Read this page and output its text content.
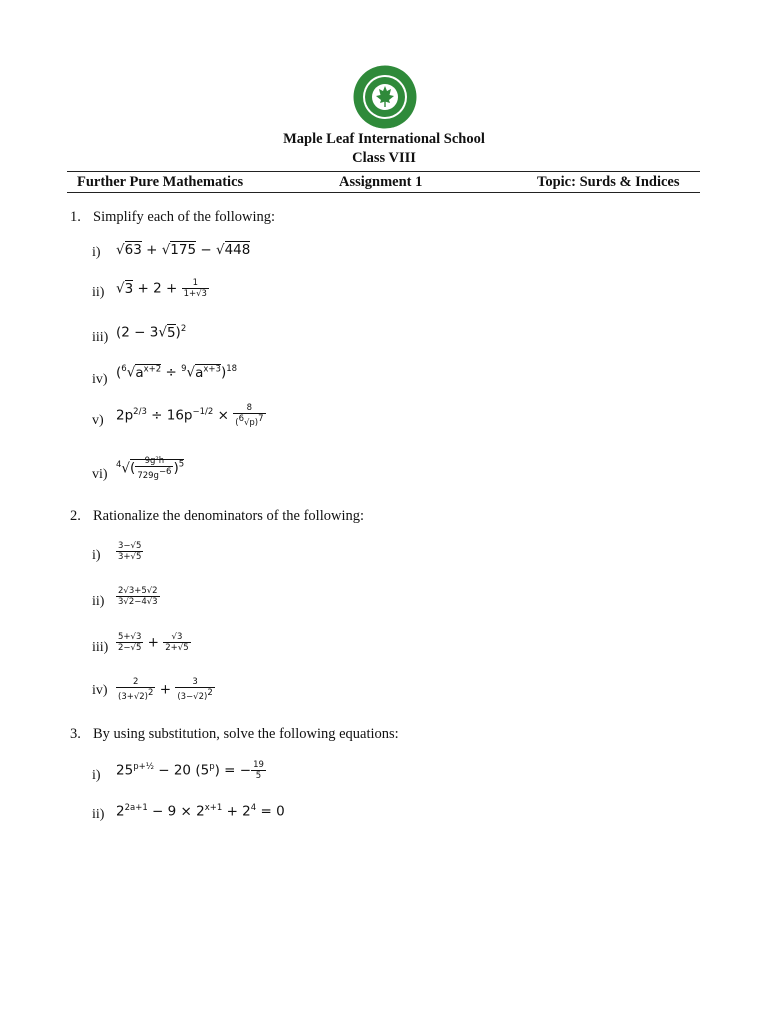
Maple Leaf International School
Class VIII
Further Pure Mathematics	Assignment 1	Topic: Surds & Indices
1. Simplify each of the following:
i) √63 + √175 − √448
ii) $√3 + 2 + \frac{1}{1+√3}$
iii) $(2 - 3√5)^2$
iv) $(^6√a^{x+2} \div ^9√a^{x+3})^{18}$
v) $2p^{2/3} \div 16p^{-1/2} \times \frac{8}{(^6√p)^7}$
vi)
$^4√( \frac{\text{9g²h}}{729g^{-6}} )^5$
2. Rationalize the denominators of the following:
$i) \frac{3-√5}{3+√5}$
$ii) \frac{2√3+5√2}{3√2-4√3}$
$iii) \frac{5+√3}{2-√5} + \frac{√3}{2+√5}$
$iv) \frac{2}{(3+√2)^2} + \frac{3}{(3-√2)^2}$
3. By using substitution, solve the following equations:
i) $25^{p+\frac{1}{2}} - 20$ $(5^p)$ = − $\frac{19}{5}$
ii) $2^{2a+1} - 9 \times 2^{x+1} + 2^4 = 0$
